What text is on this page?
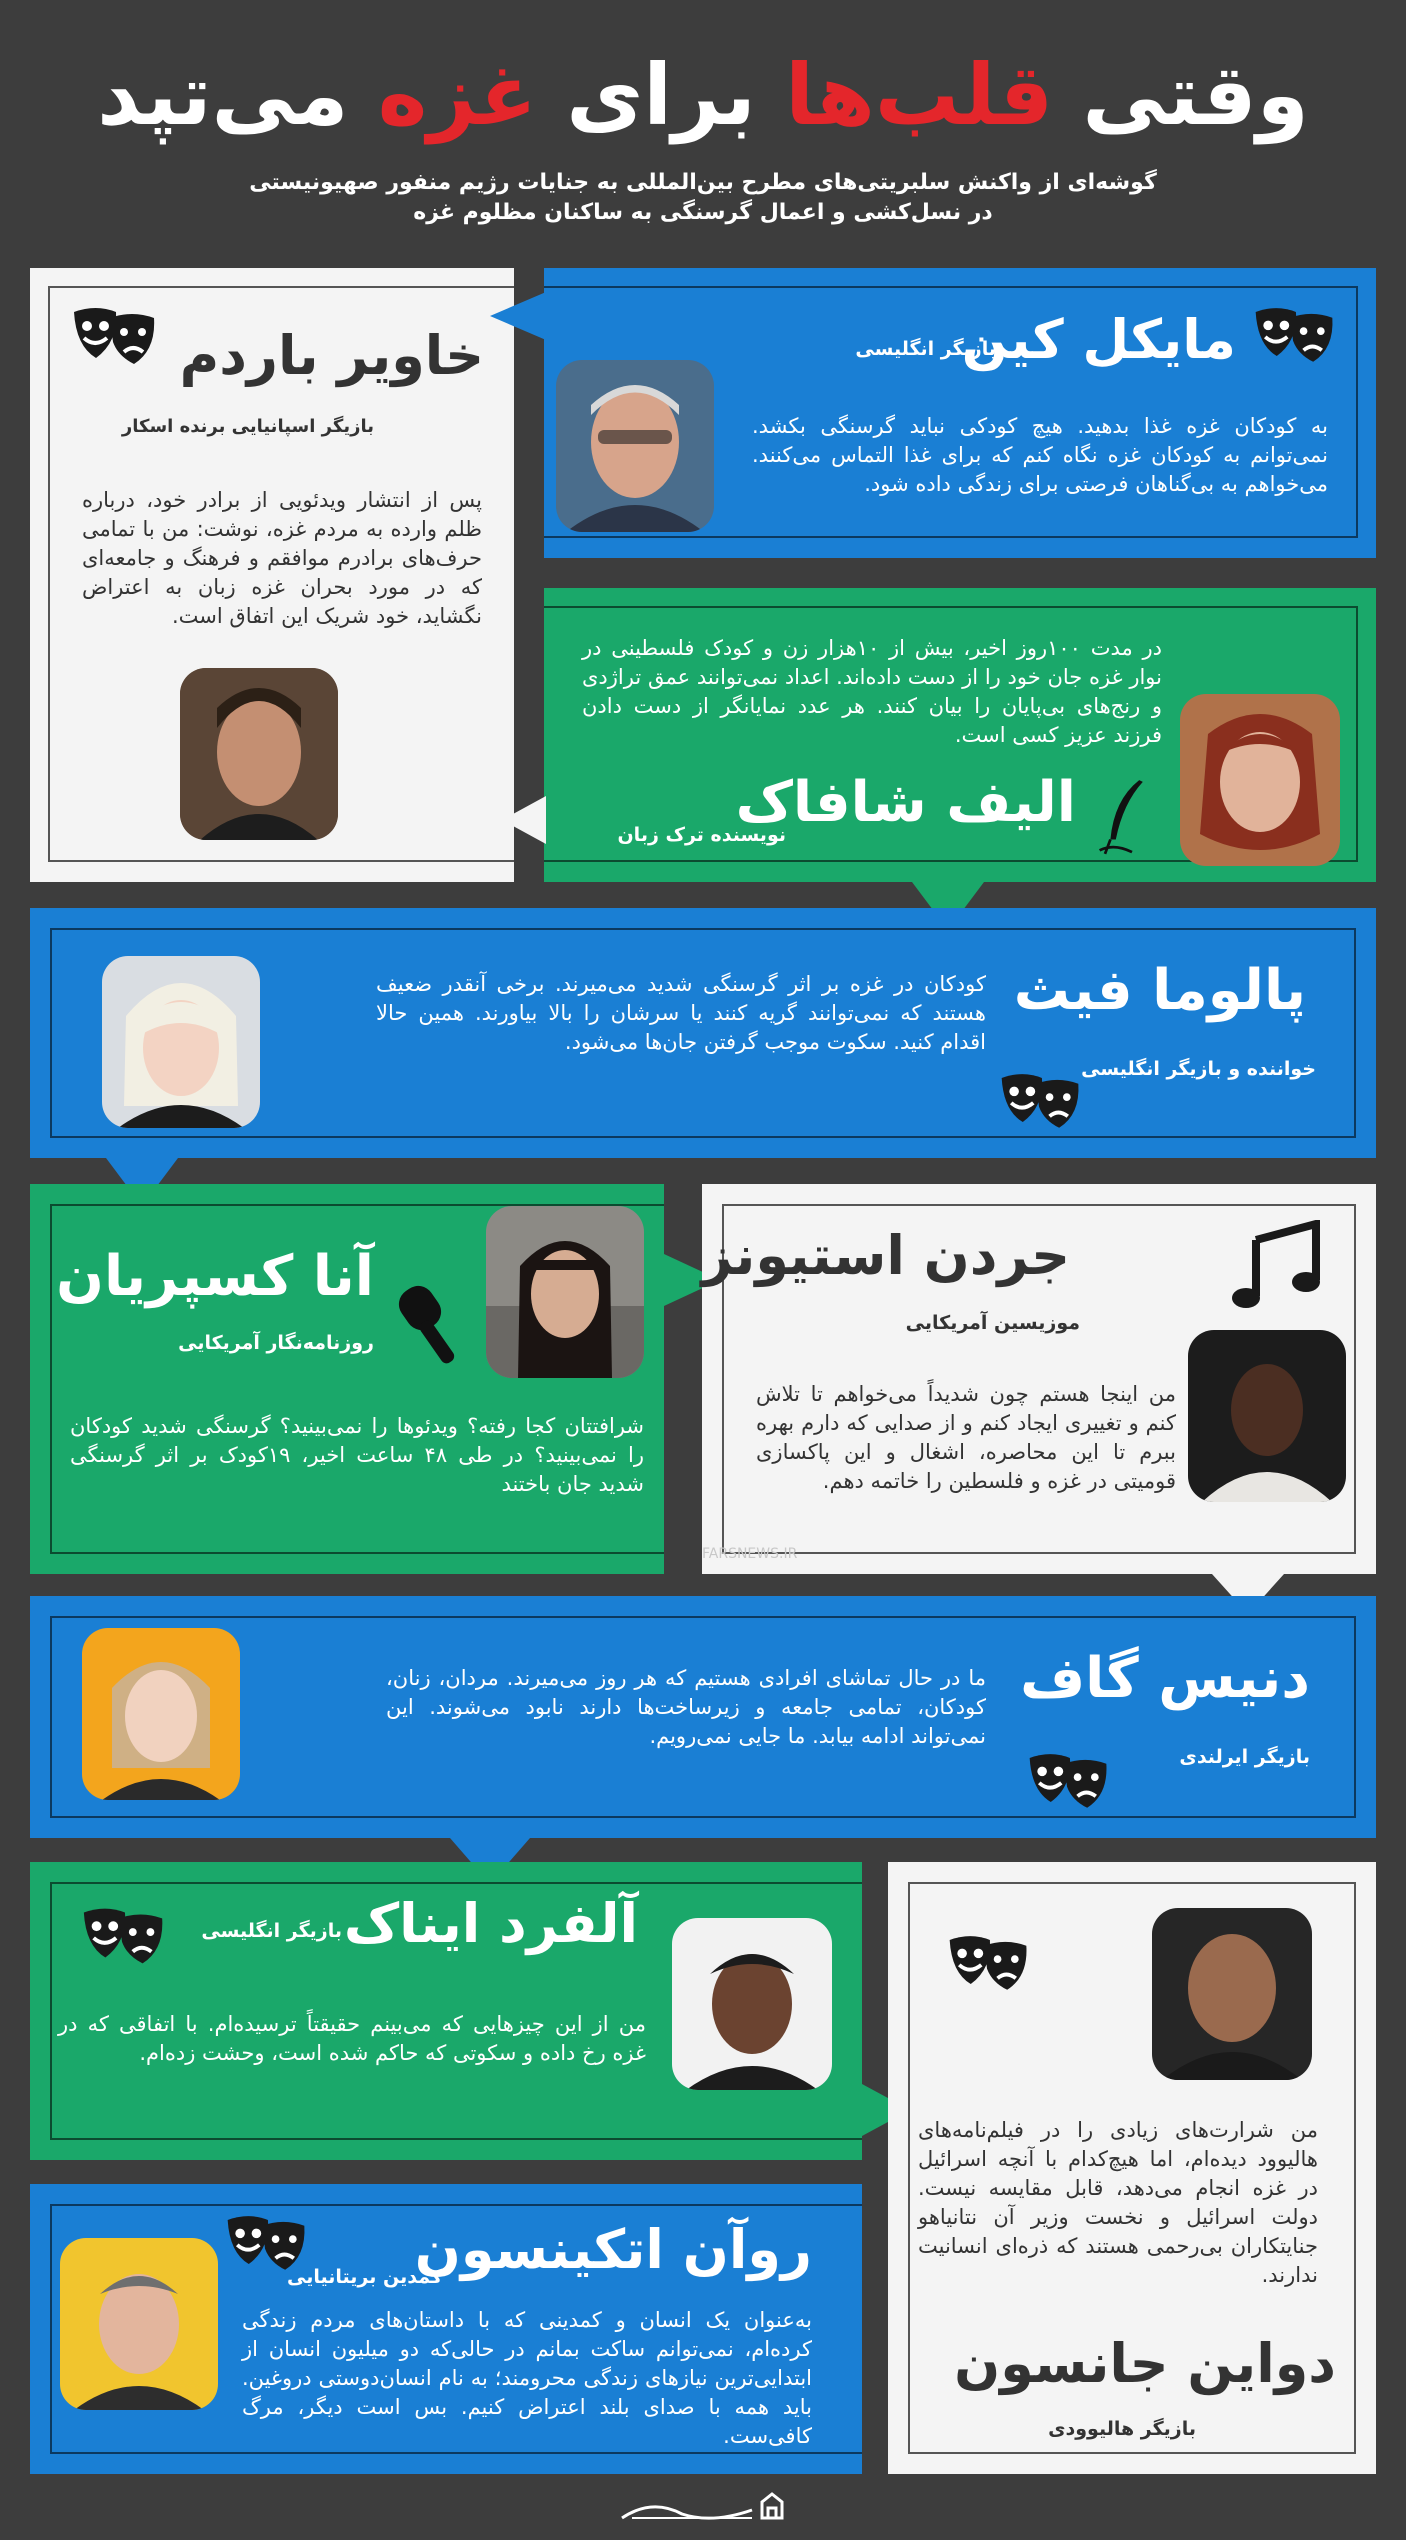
وقتی قلب‌ها برای غزه می‌تپد
گوشه‌ای از واکنش سلبریتی‌های مطرح بین‌المللی به جنایات رژیم منفور صهیونیستی
در نسل‌کشی و اعمال گرسنگی به ساکنان مظلوم غزه
خاویر باردم
بازیگر اسپانیایی برنده اسکار
پس از انتشار ویدئویی از برادر خود، درباره ظلم وارده به مردم غزه، نوشت: من با تمامی حرف‌های برادرم موافقم و فرهنگ و جامعه‌ای که در مورد بحران غزه زبان به اعتراض نگشاید، خود شریک این اتفاق است.
مایکل کین
بازیگر انگلیسی
به کودکان غزه غذا بدهید. هیچ کودکی نباید گرسنگی بکشد. نمی‌توانم به کودکان غزه نگاه کنم که برای غذا التماس می‌کنند. می‌خواهم به بی‌گناهان فرصتی برای زندگی داده شود.
در مدت ۱۰۰روز اخیر، بیش از ۱۰هزار زن و کودک فلسطینی در نوار غزه جان خود را از دست داده‌اند. اعداد نمی‌توانند عمق تراژدی و رنج‌های بی‌پایان را بیان کنند. هر عدد نمایانگر از دست دادن فرزند عزیز کسی است.
الیف شافاک
نویسنده ترک زبان
پالوما فیث
خواننده و بازیگر انگلیسی
کودکان در غزه بر اثر گرسنگی شدید می‌میرند. برخی آنقدر ضعیف هستند که نمی‌توانند گریه کنند یا سرشان را بالا بیاورند. همین حالا اقدام کنید. سکوت موجب گرفتن جان‌ها می‌شود.
آنا کسپریان
روزنامه‌نگار آمریکایی
شرافتتان کجا رفته؟ ویدئوها را نمی‌بینید؟ گرسنگی شدید کودکان را نمی‌بینید؟ در طی ۴۸ ساعت اخیر، ۱۹کودک بر اثر گرسنگی شدید جان باختند
جردن استیونز
موزیسین آمریکایی
من اینجا هستم چون شدیداً می‌خواهم تا تلاش کنم و تغییری ایجاد کنم و از صدایی که دارم بهره ببرم تا این محاصره، اشغال و این پاکسازی قومیتی در غزه و فلسطین را خاتمه دهم.
FARSNEWS.IR
دنیس گاف
بازیگر ایرلندی
ما در حال تماشای افرادی هستیم که هر روز می‌میرند. مردان، زنان، کودکان، تمامی جامعه و زیرساخت‌ها دارند نابود می‌شوند. این نمی‌تواند ادامه بیابد. ما جایی نمی‌رویم.
آلفرد ایناک
بازیگر انگلیسی
من از این چیزهایی که می‌بینم حقیقتاً ترسیده‌ام. با اتفاقی که در غزه رخ داده و سکوتی که حاکم شده است، وحشت زده‌ام.
من شرارت‌های زیادی را در فیلم‌نامه‌های هالیوود دیده‌ام، اما هیچ‌کدام با آنچه اسرائیل در غزه انجام می‌دهد، قابل مقایسه نیست. دولت اسرائیل و نخست وزیر آن نتانیاهو جنایتکاران بی‌رحمی هستند که ذره‌ای انسانیت ندارند.
دواین جانسون
بازیگر هالیوودی
روآن اتکینسون
کمدین بریتانیایی
به‌عنوان یک انسان و کمدینی که با داستان‌های مردم زندگی کرده‌ام، نمی‌توانم ساکت بمانم در حالی‌که دو میلیون انسان از ابتدایی‌ترین نیازهای زندگی محرومند؛ به نام انسان‌دوستی دروغین. باید همه با صدای بلند اعتراض کنیم. بس است دیگر، مرگ کافی‌ست.
